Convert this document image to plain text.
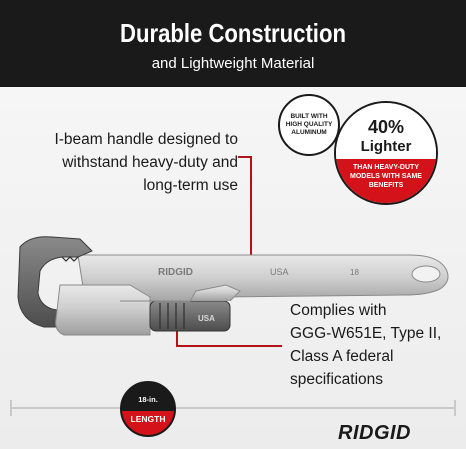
Durable Construction
and Lightweight Material
I-beam handle designed to
withstand heavy-duty and
long-term use
Complies with
GGG-W651E, Type II,
Class A federal
specifications
RIDGID	USA	18
USA
BUILT WITH HIGH QUALITY ALUMINUM	40%
Lighter
THAN HEAVY-DUTY MODELS WITH SAME BENEFITS
18-in.
LENGTH
RIDGID
